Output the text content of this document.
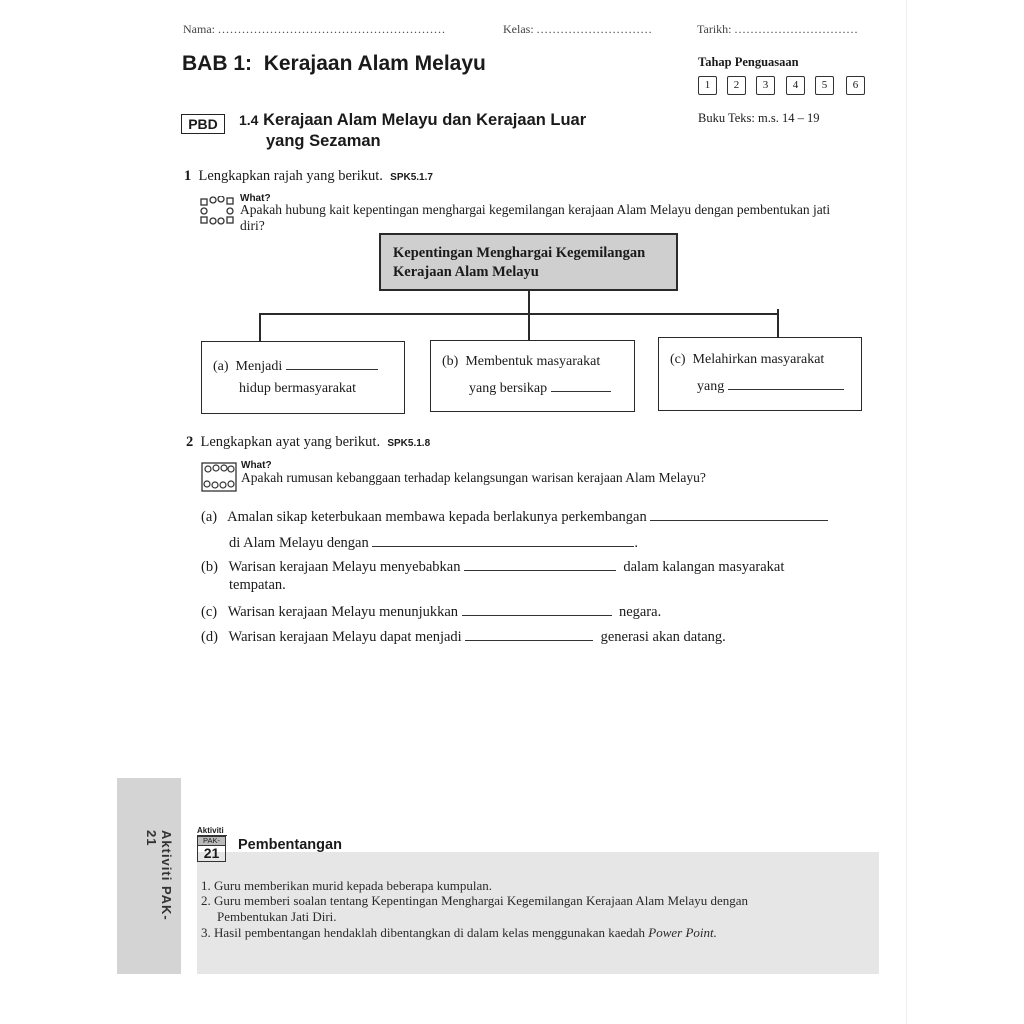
Nama: .........................................................	Kelas: .............................	Tarikh: ...............................
BAB 1: Kerajaan Alam Melayu	Tahap Penguasaan
1	2	3	4	5	6
PBD	1.4 Kerajaan Alam Melayu dan Kerajaan Luar
yang Sezaman
Buku Teks: m.s. 14 – 19
1 Lengkapkan rajah yang berikut. SPK5.1.7
What?
Apakah hubung kait kepentingan menghargai kegemilangan kerajaan Alam Melayu dengan pembentukan jati
diri?
Kepentingan Menghargai Kegemilangan
Kerajaan Alam Melayu
(a) Menjadi
hidup bermasyarakat
(b) Membentuk masyarakat
yang bersikap
(c) Melahirkan masyarakat
yang
2 Lengkapkan ayat yang berikut. SPK5.1.8
What?
Apakah rumusan kebanggaan terhadap kelangsungan warisan kerajaan Alam Melayu?
(a) Amalan sikap keterbukaan membawa kepada berlakunya perkembangan
di Alam Melayu dengan	.
(b) Warisan kerajaan Melayu menyebabkan	dalam kalangan masyarakat
tempatan.
(c) Warisan kerajaan Melayu menunjukkan	negara.
(d) Warisan kerajaan Melayu dapat menjadi	generasi akan datang.
Aktiviti PAK-21	Aktiviti
PAK-
21	Pembentangan
1. Guru memberikan murid kepada beberapa kumpulan.
2. Guru memberi soalan tentang Kepentingan Menghargai Kegemilangan Kerajaan Alam Melayu dengan
Pembentukan Jati Diri.
3. Hasil pembentangan hendaklah dibentangkan di dalam kelas menggunakan kaedah Power Point.
